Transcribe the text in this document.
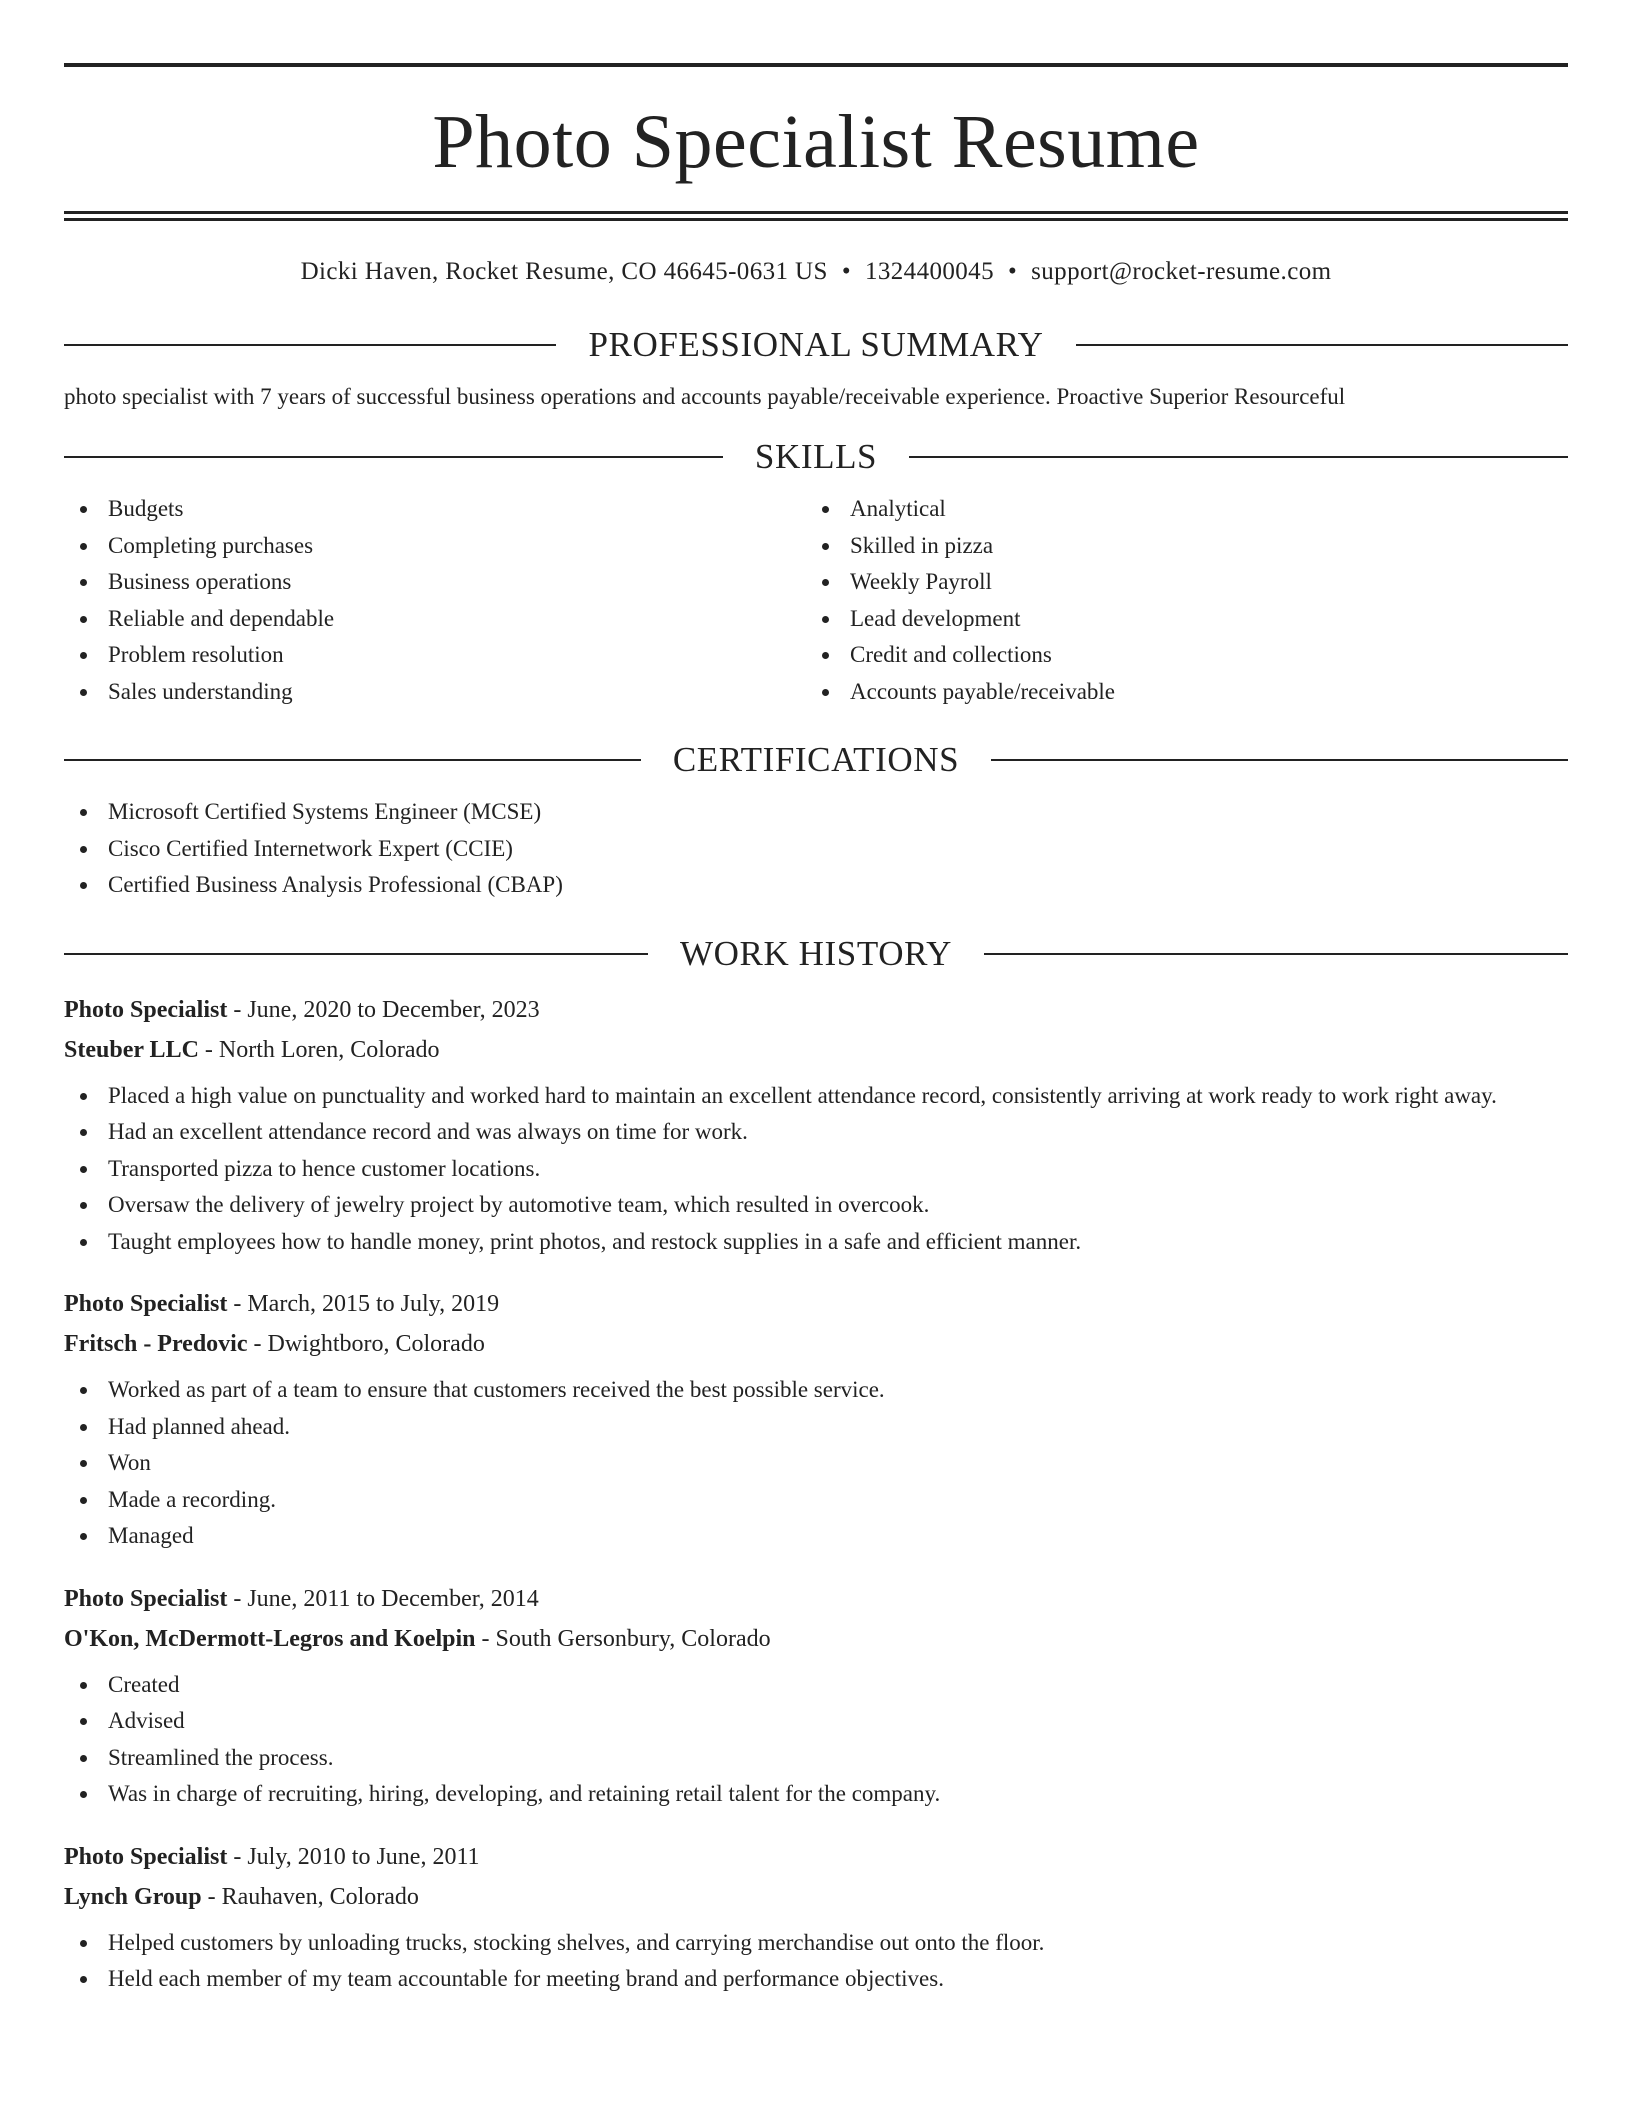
Photo Specialist Resume
Dicki Haven, Rocket Resume, CO 46645-0631 US • 1324400045 • support@rocket-resume.com
PROFESSIONAL SUMMARY
photo specialist with 7 years of successful business operations and accounts payable/receivable experience. Proactive Superior Resourceful
SKILLS
Budgets
Completing purchases
Business operations
Reliable and dependable
Problem resolution
Sales understanding
Analytical
Skilled in pizza
Weekly Payroll
Lead development
Credit and collections
Accounts payable/receivable
CERTIFICATIONS
Microsoft Certified Systems Engineer (MCSE)
Cisco Certified Internetwork Expert (CCIE)
Certified Business Analysis Professional (CBAP)
WORK HISTORY
Photo Specialist - June, 2020 to December, 2023
Steuber LLC - North Loren, Colorado
Placed a high value on punctuality and worked hard to maintain an excellent attendance record, consistently arriving at work ready to work right away.
Had an excellent attendance record and was always on time for work.
Transported pizza to hence customer locations.
Oversaw the delivery of jewelry project by automotive team, which resulted in overcook.
Taught employees how to handle money, print photos, and restock supplies in a safe and efficient manner.
Photo Specialist - March, 2015 to July, 2019
Fritsch - Predovic - Dwightboro, Colorado
Worked as part of a team to ensure that customers received the best possible service.
Had planned ahead.
Won
Made a recording.
Managed
Photo Specialist - June, 2011 to December, 2014
O'Kon, McDermott-Legros and Koelpin - South Gersonbury, Colorado
Created
Advised
Streamlined the process.
Was in charge of recruiting, hiring, developing, and retaining retail talent for the company.
Photo Specialist - July, 2010 to June, 2011
Lynch Group - Rauhaven, Colorado
Helped customers by unloading trucks, stocking shelves, and carrying merchandise out onto the floor.
Held each member of my team accountable for meeting brand and performance objectives.
